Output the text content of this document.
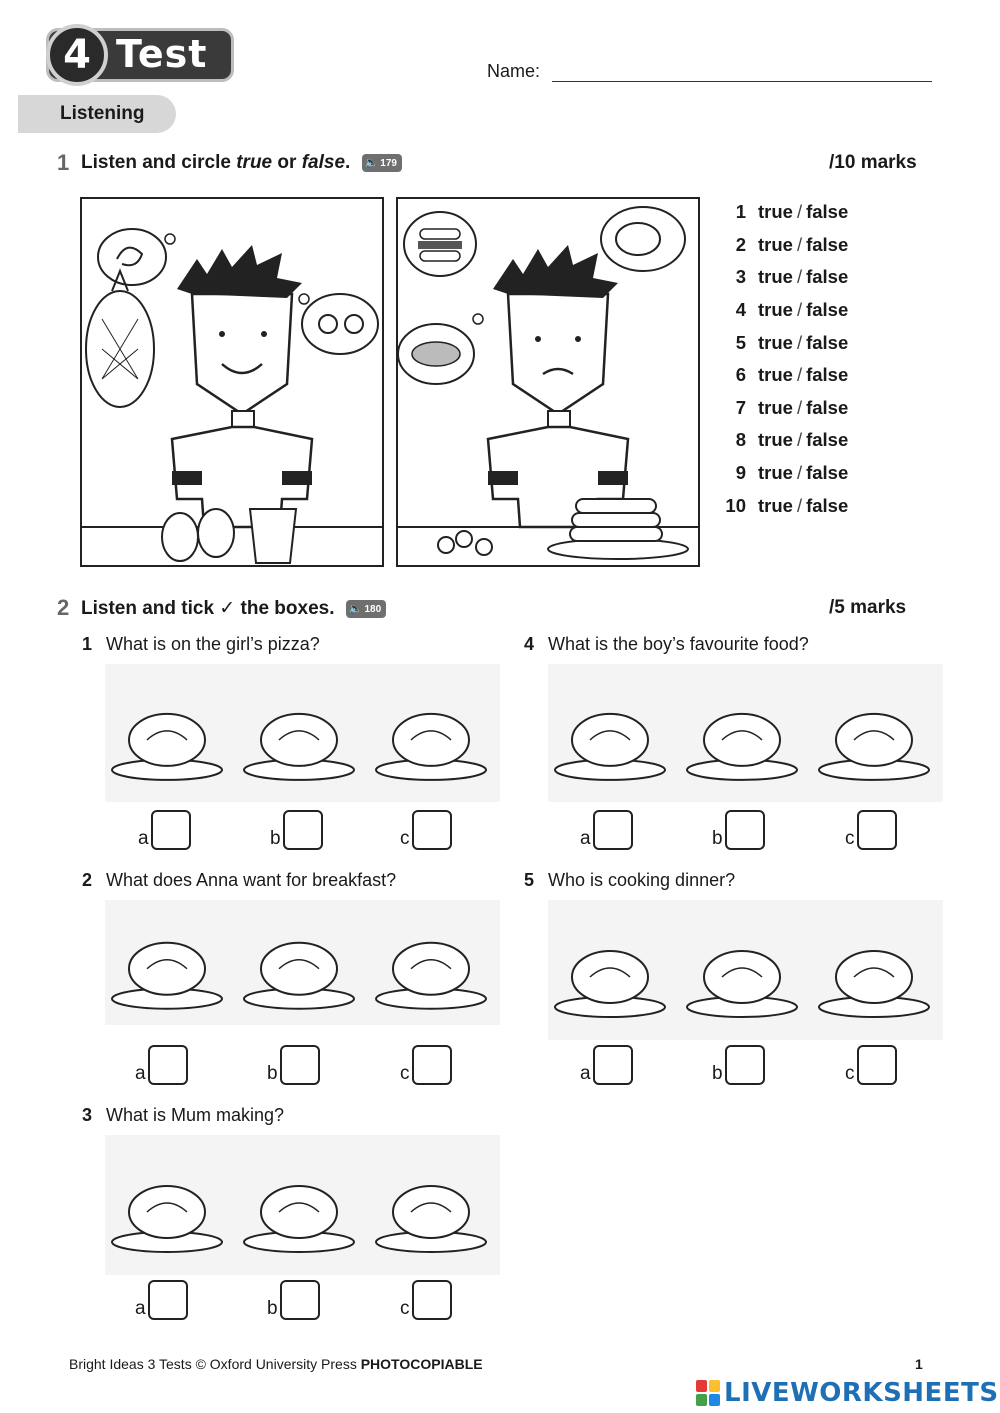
4 Test	Name:
Listening
1 Listen and circle true or false. 🔈 179	/10 marks
1 true / false
2 true / false
3 true / false
4 true / false
5 true / false
6 true / false
7 true / false
8 true / false
9 true / false
10 true / false
2 Listen and tick ✓ the boxes. 🔈 180	/5 marks
1 What is on the girl’s pizza?
a	b	c
2 What does Anna want for breakfast?
a	b	c
3 What is Mum making?
a	b	c
4 What is the boy’s favourite food?
a	b	c
5 Who is cooking dinner?
a	b	c
Bright Ideas 3 Tests © Oxford University Press PHOTOCOPIABLE	1
LIVEWORKSHEETS
